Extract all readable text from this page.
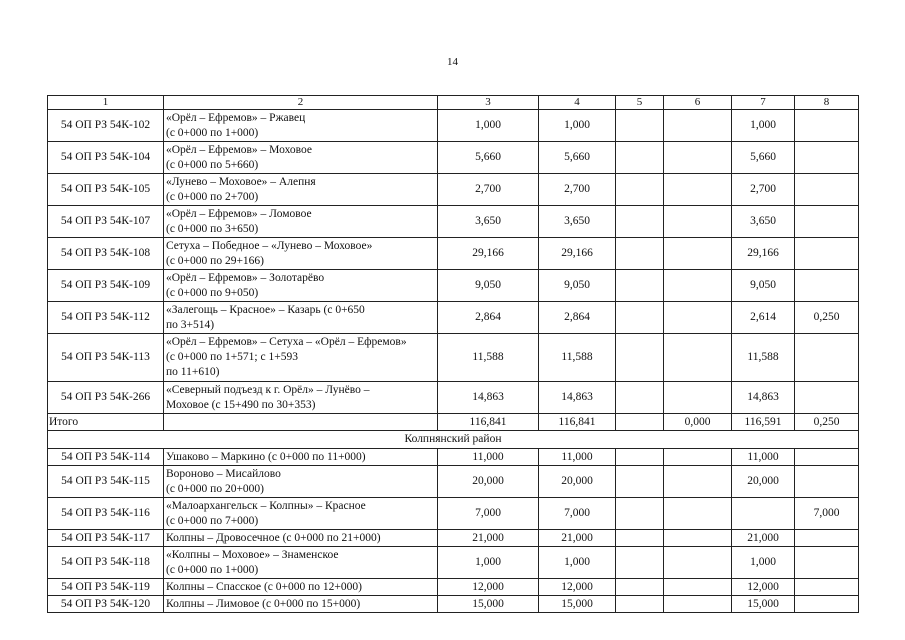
14
1	2	3	4	5	6	7	8
54 ОП РЗ 54К-102	«Орёл – Ефремов» – Ржавец
(с 0+000 по 1+000)	1,000	1,000			1,000	
54 ОП РЗ 54К-104	«Орёл – Ефремов» – Моховое
(с 0+000 по 5+660)	5,660	5,660			5,660	
54 ОП РЗ 54К-105	«Лунево – Моховое» – Алепня
(с 0+000 по 2+700)	2,700	2,700			2,700	
54 ОП РЗ 54К-107	«Орёл – Ефремов» – Ломовое
(с 0+000 по 3+650)	3,650	3,650			3,650	
54 ОП РЗ 54К-108	Сетуха – Победное – «Лунево – Моховое»
(с 0+000 по 29+166)	29,166	29,166			29,166	
54 ОП РЗ 54К-109	«Орёл – Ефремов» – Золотарёво
(с 0+000 по 9+050)	9,050	9,050			9,050	
54 ОП РЗ 54К-112	«Залегощь – Красное» – Казарь (с 0+650
по 3+514)	2,864	2,864			2,614	0,250
54 ОП РЗ 54К-113	«Орёл – Ефремов» – Сетуха – «Орёл – Ефремов»
(с 0+000 по 1+571; с 1+593
по 11+610)	11,588	11,588			11,588	
54 ОП РЗ 54К-266	«Северный подъезд к г. Орёл» – Лунёво –
Моховое (с 15+490 по 30+353)	14,863	14,863			14,863	
Итого		116,841	116,841		0,000	116,591	0,250
Колпнянский район							
54 ОП РЗ 54К-114	Ушаково – Маркино (с 0+000 по 11+000)	11,000	11,000			11,000	
54 ОП РЗ 54К-115	Вороново – Мисайлово
(с 0+000 по 20+000)	20,000	20,000			20,000	
54 ОП РЗ 54К-116	«Малоархангельск – Колпны» – Красное
(с 0+000 по 7+000)	7,000	7,000				7,000
54 ОП РЗ 54К-117	Колпны – Дровосечное (с 0+000 по 21+000)	21,000	21,000			21,000	
54 ОП РЗ 54К-118	«Колпны – Моховое» – Знаменское
(с 0+000 по 1+000)	1,000	1,000			1,000	
54 ОП РЗ 54К-119	Колпны – Спасское (с 0+000 по 12+000)	12,000	12,000			12,000	
54 ОП РЗ 54К-120	Колпны – Лимовое (с 0+000 по 15+000)	15,000	15,000			15,000	
